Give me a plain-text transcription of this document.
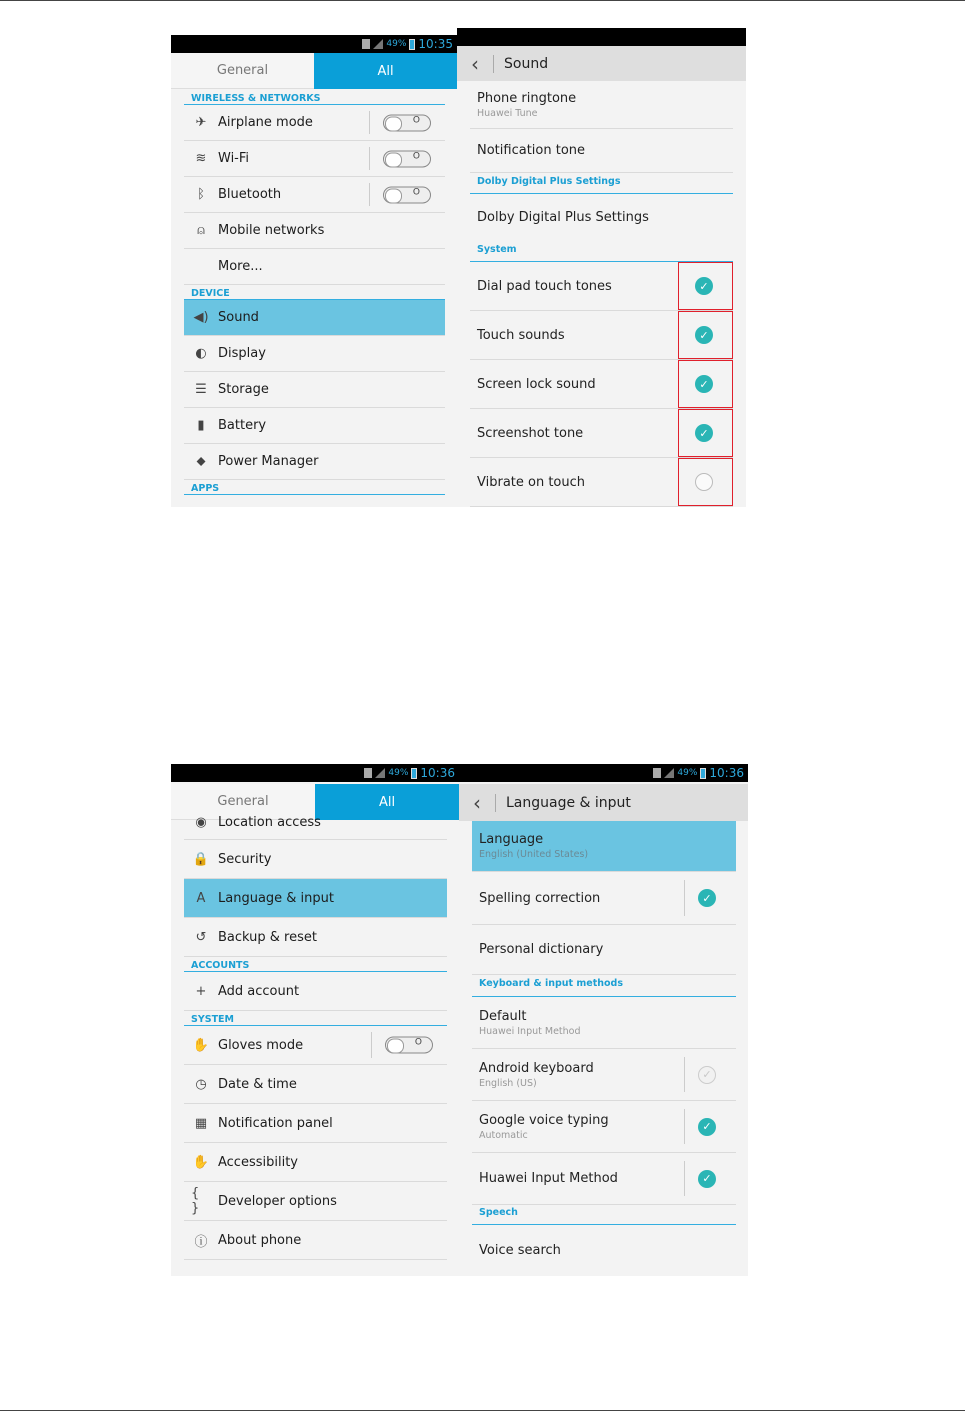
49% 10:35
General	All
WIRELESS & NETWORKS
✈ Airplane mode
O
≋ Wi-Fi
O
ᛒ	Bluetooth
O
⍝	Mobile networks
More...
DEVICE
◀) Sound
◐ Display
☰ Storage
▮	Battery
⬥ Power Manager
APPS
‹	Sound
Phone ringtone
Huawei Tune
Notification tone
Dolby Digital Plus Settings
Dolby Digital Plus Settings
System
Dial pad touch tones	✓
Touch sounds	✓
Screen lock sound	✓
Screenshot tone	✓
Vibrate on touch
49% 10:36
General	All
◉ Location access
🔒 Security
A Language & input
↺ Backup & reset
ACCOUNTS
+ Add account
SYSTEM
✋ Gloves mode
O
◷ Date & time
▦ Notification panel
✋ Accessibility
{ }	Developer options
ⓘ About phone
49% 10:36
‹	Language & input
Language
English (United States)
Spelling correction	✓
Personal dictionary
Keyboard & input methods
Default
Huawei Input Method
Android keyboard
English (US)
✓
Google voice typing
Automatic
✓
Huawei Input Method	✓
Speech
Voice search
